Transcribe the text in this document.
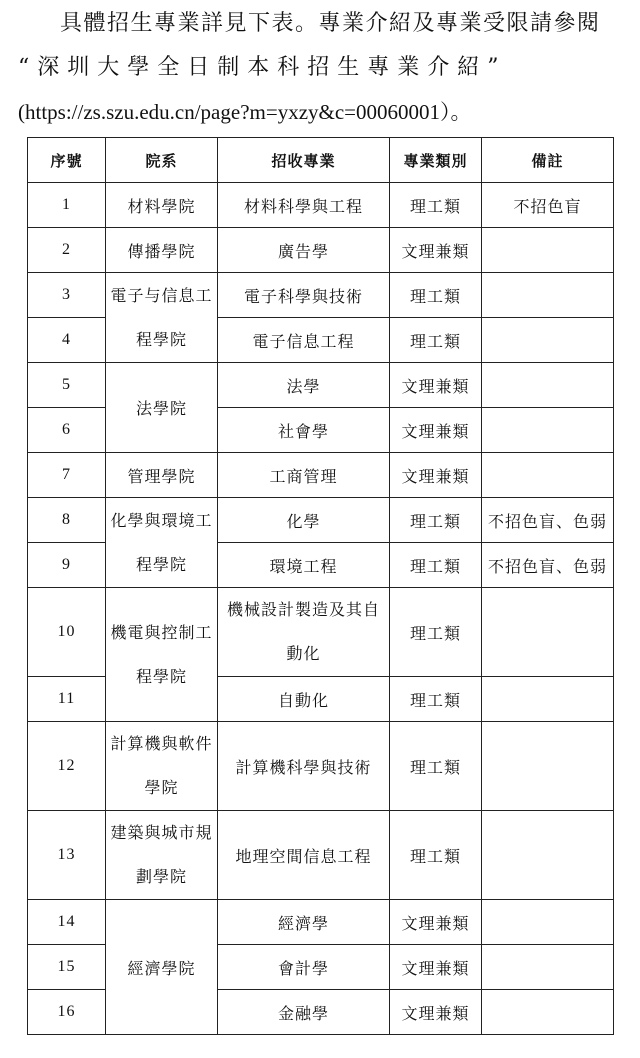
具體招生專業詳見下表。專業介紹及專業受限請參閱
“深圳大學全日制本科招生專業介紹”
(https://zs.szu.edu.cn/page?m=yxzy&c=00060001）。
序號	院系	招收專業	專業類別	備註
1	材料學院	材料科學與工程	理工類	不招色盲
2	傳播學院	廣告學	文理兼類	
3	電子与信息工程學院	電子科學與技術	理工類	
4		電子信息工程	理工類	
5	法學院	法學	文理兼類	
6		社會學	文理兼類	
7	管理學院	工商管理	文理兼類	
8	化學與環境工程學院	化學	理工類	不招色盲、色弱
9		環境工程	理工類	不招色盲、色弱
10	機電與控制工程學院	機械設計製造及其自動化	理工類	
11		自動化	理工類	
12	計算機與軟件學院	計算機科學與技術	理工類	
13	建築與城市規劃學院	地理空間信息工程	理工類	
14	經濟學院	經濟學	文理兼類	
15		會計學	文理兼類	
16		金融學	文理兼類	
